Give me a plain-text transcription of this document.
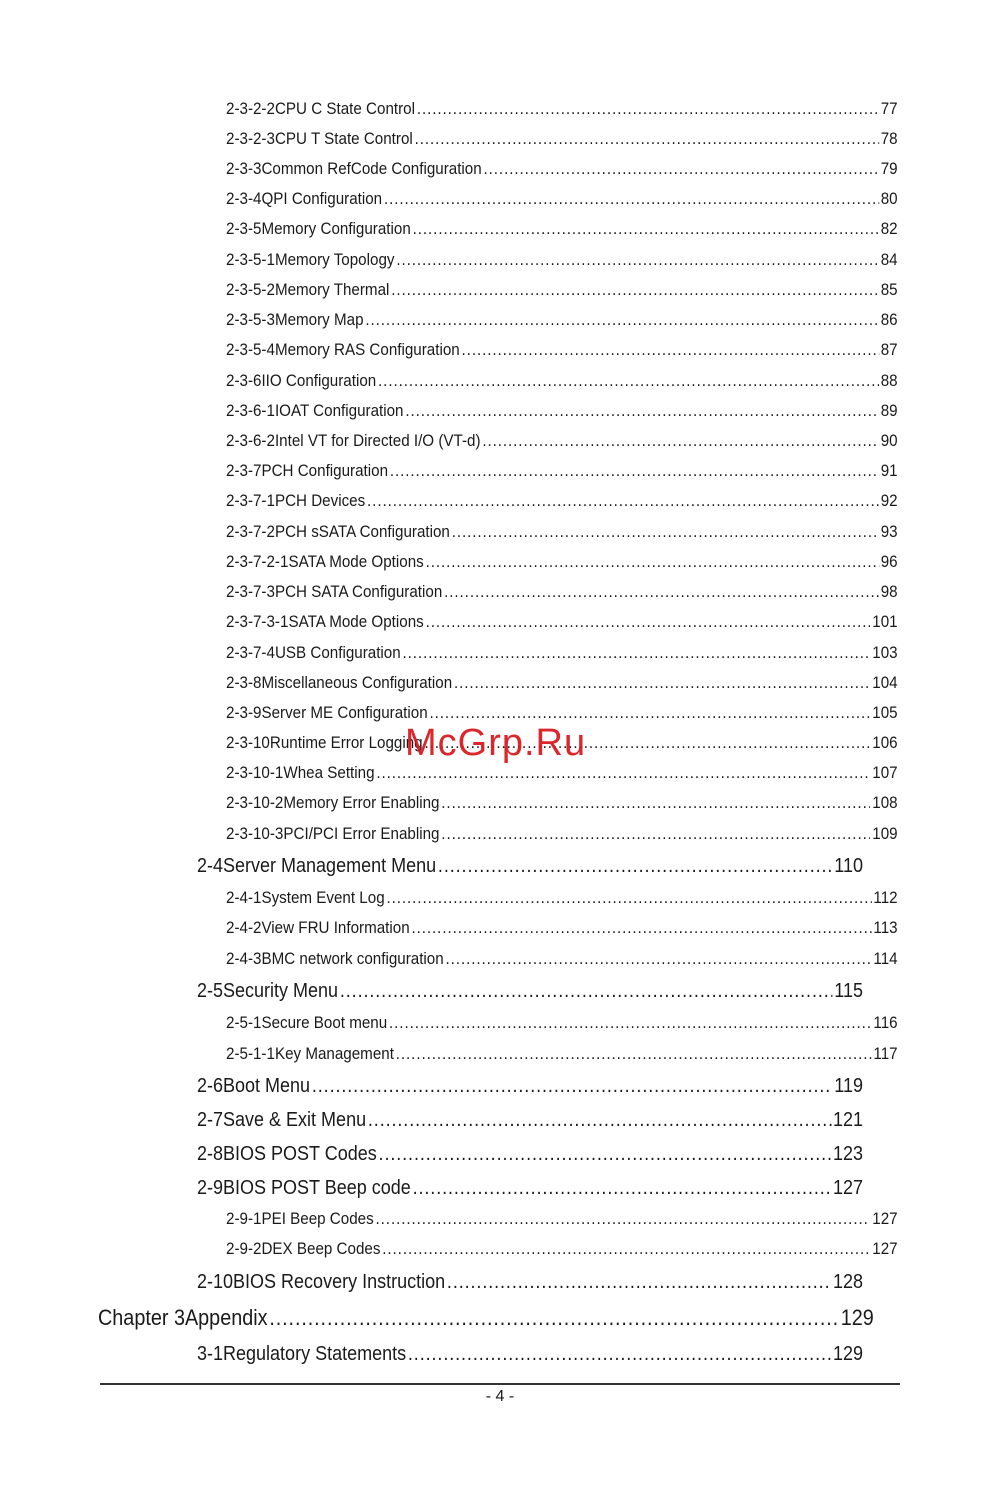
2-3-2-2 CPU C State Control .....	77
2-3-2-3 CPU T State Control .....	78
2-3-3 Common RefCode Configuration .....	79
2-3-4 QPI Configuration .....	80
2-3-5 Memory Configuration .....	82
2-3-5-1 Memory Topology .....	84
2-3-5-2 Memory Thermal .....	85
2-3-5-3 Memory Map .....	86
2-3-5-4 Memory RAS Configuration .....	87
2-3-6 IIO Configuration .....	88
2-3-6-1 IOAT Configuration .....	89
2-3-6-2 Intel VT for Directed I/O (VT-d) .....	90
2-3-7 PCH Configuration .....	91
2-3-7-1 PCH Devices .....	92
2-3-7-2 PCH sSATA Configuration .....	93
2-3-7-2-1 SATA Mode Options .....	96
2-3-7-3 PCH SATA Configuration .....	98
2-3-7-3-1 SATA Mode Options .....	101
2-3-7-4 USB Configuration .....	103
2-3-8 Miscellaneous Configuration .....	104
2-3-9 Server ME Configuration .....	105
2-3-10 Runtime Error Logging .....	106
2-3-10-1 Whea Setting .....	107
2-3-10-2 Memory Error Enabling .....	108
2-3-10-3 PCI/PCI Error Enabling .....	109
2-4 Server Management Menu .....	110
2-4-1 System Event Log .....	112
2-4-2 View FRU Information .....	113
2-4-3 BMC network configuration .....	114
2-5 Security Menu .....	115
2-5-1 Secure Boot menu .....	116
2-5-1-1 Key Management .....	117
2-6 Boot Menu .....	119
2-7 Save & Exit Menu .....	121
2-8 BIOS POST Codes .....	123
2-9 BIOS POST Beep code .....	127
2-9-1 PEI Beep Codes .....	127
2-9-2 DEX Beep Codes .....	127
2-10 BIOS Recovery Instruction .....	128
Chapter 3 Appendix .....	129
3-1 Regulatory Statements .....	129
McGrp.Ru
- 4 -
